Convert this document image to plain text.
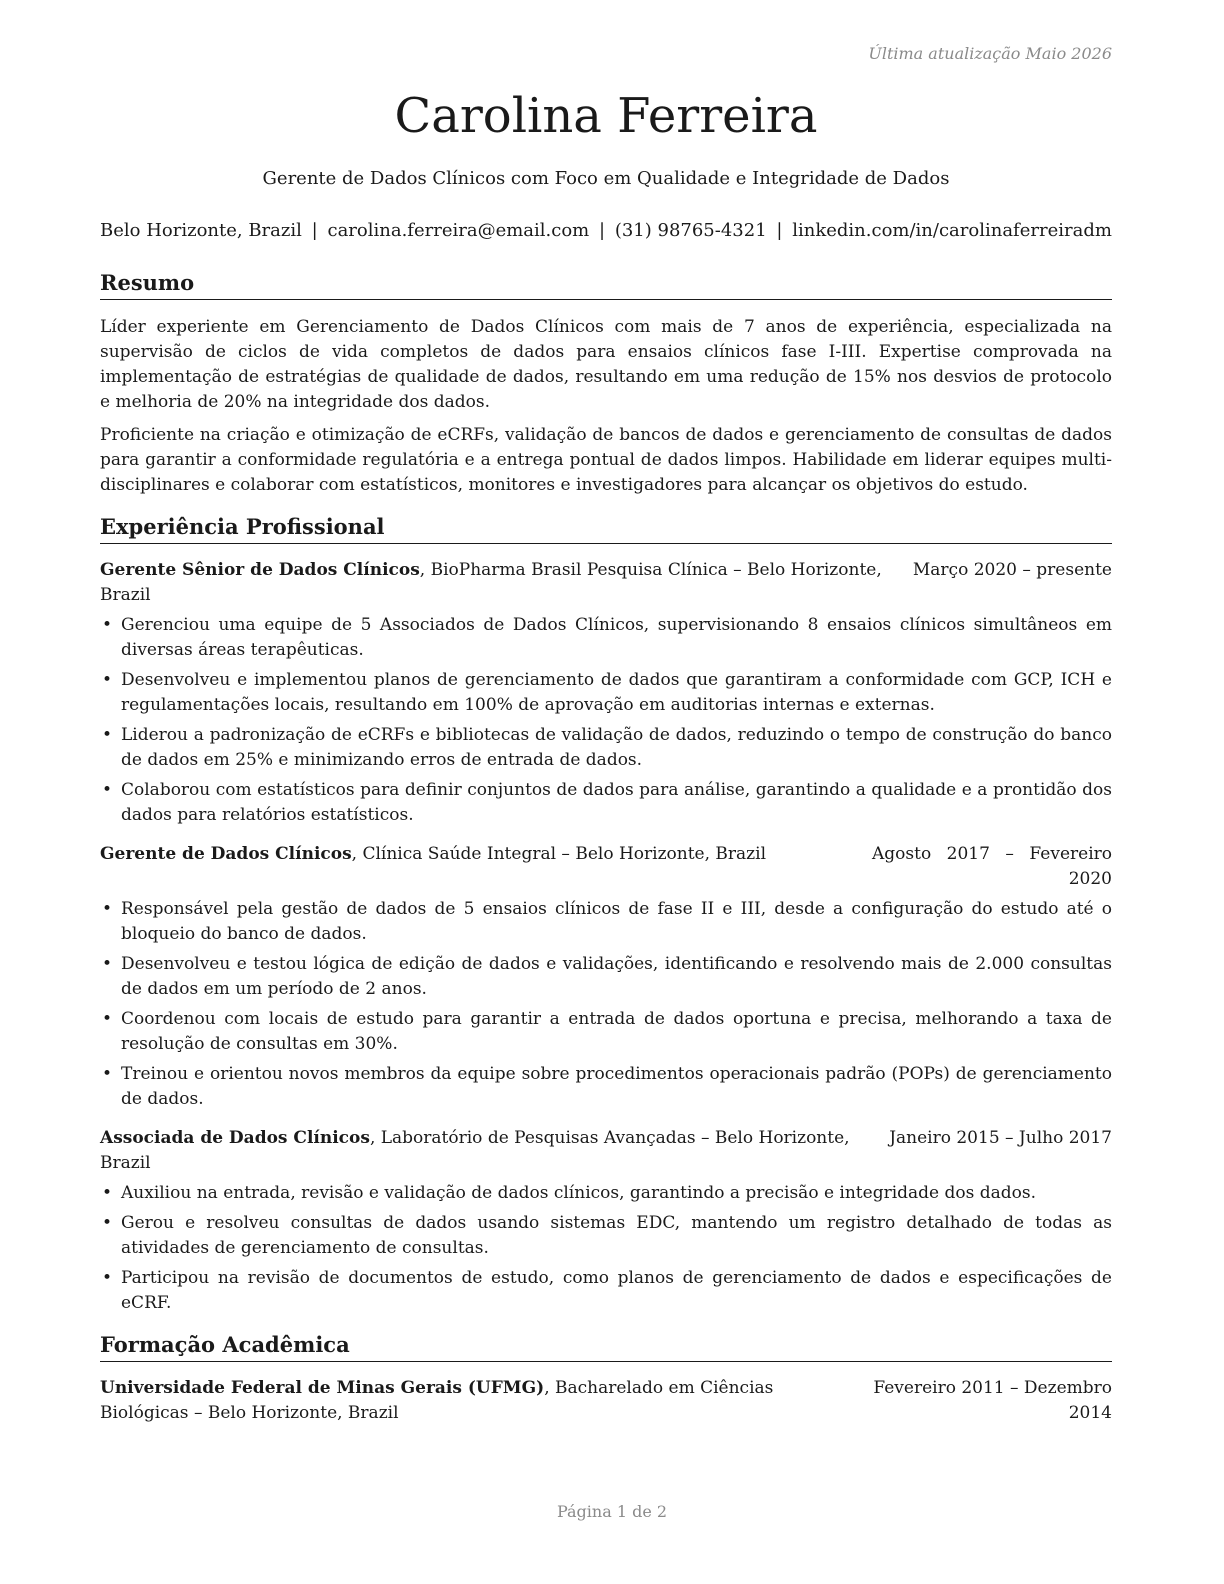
Última atualização Maio 2026
Carolina Ferreira
Gerente de Dados Clínicos com Foco em Qualidade e Integridade de Dados
Belo Horizonte, Brazil | carolina.ferreira@email.com | (31) 98765-4321 | linkedin.com/in/carolinaferreiradm
Resumo

Líder experiente em Gerenciamento de Dados Clínicos com mais de 7 anos de experiência, especializada na supervisão de ciclos de vida completos de dados para ensaios clínicos fase I-III. Expertise comprovada na implementação de estratégias de qualidade de dados, resultando em uma redução de 15% nos desvios de protocolo e melhoria de 20% na integridade dos dados.

Proficiente na criação e otimização de eCRFs, validação de bancos de dados e gerenciamento de consultas de dados para garantir a conformidade regulatória e a entrega pontual de dados limpos. Habilidade em liderar equipes multi-disciplinares e colaborar com estatísticos, monitores e investigadores para alcançar os objetivos do estudo.

Experiência Profissional
Gerente Sênior de Dados Clínicos, BioPharma Brasil Pesquisa Clínica – Belo Horizonte, Brazil
Março 2020 – presente
• Gerenciou uma equipe de 5 Associados de Dados Clínicos, supervisionando 8 ensaios clínicos simultâneos em diversas áreas terapêuticas.
• Desenvolveu e implementou planos de gerenciamento de dados que garantiram a conformidade com GCP, ICH e regulamentações locais, resultando em 100% de aprovação em auditorias internas e externas.
• Liderou a padronização de eCRFs e bibliotecas de validação de dados, reduzindo o tempo de construção do banco de dados em 25% e minimizando erros de entrada de dados.
• Colaborou com estatísticos para definir conjuntos de dados para análise, garantindo a qualidade e a prontidão dos dados para relatórios estatísticos.
Gerente de Dados Clínicos, Clínica Saúde Integral – Belo Horizonte, Brazil	Agosto 2017 – Fevereiro 2020
• Responsável pela gestão de dados de 5 ensaios clínicos de fase II e III, desde a configuração do estudo até o bloqueio do banco de dados.
• Desenvolveu e testou lógica de edição de dados e validações, identificando e resolvendo mais de 2.000 consultas de dados em um período de 2 anos.
• Coordenou com locais de estudo para garantir a entrada de dados oportuna e precisa, melhorando a taxa de resolução de consultas em 30%.
• Treinou e orientou novos membros da equipe sobre procedimentos operacionais padrão (POPs) de gerenciamento de dados.
Associada de Dados Clínicos, Laboratório de Pesquisas Avançadas – Belo Horizonte, Brazil
Janeiro 2015 – Julho 2017
• Auxiliou na entrada, revisão e validação de dados clínicos, garantindo a precisão e integridade dos dados.
• Gerou e resolveu consultas de dados usando sistemas EDC, mantendo um registro detalhado de todas as atividades de gerenciamento de consultas.
• Participou na revisão de documentos de estudo, como planos de gerenciamento de dados e especificações de eCRF.
Formação Acadêmica
Universidade Federal de Minas Gerais (UFMG), Bacharelado em Ciências Biológicas – Belo Horizonte, Brazil
Fevereiro 2011 – Dezembro 2014
Página 1 de 2
